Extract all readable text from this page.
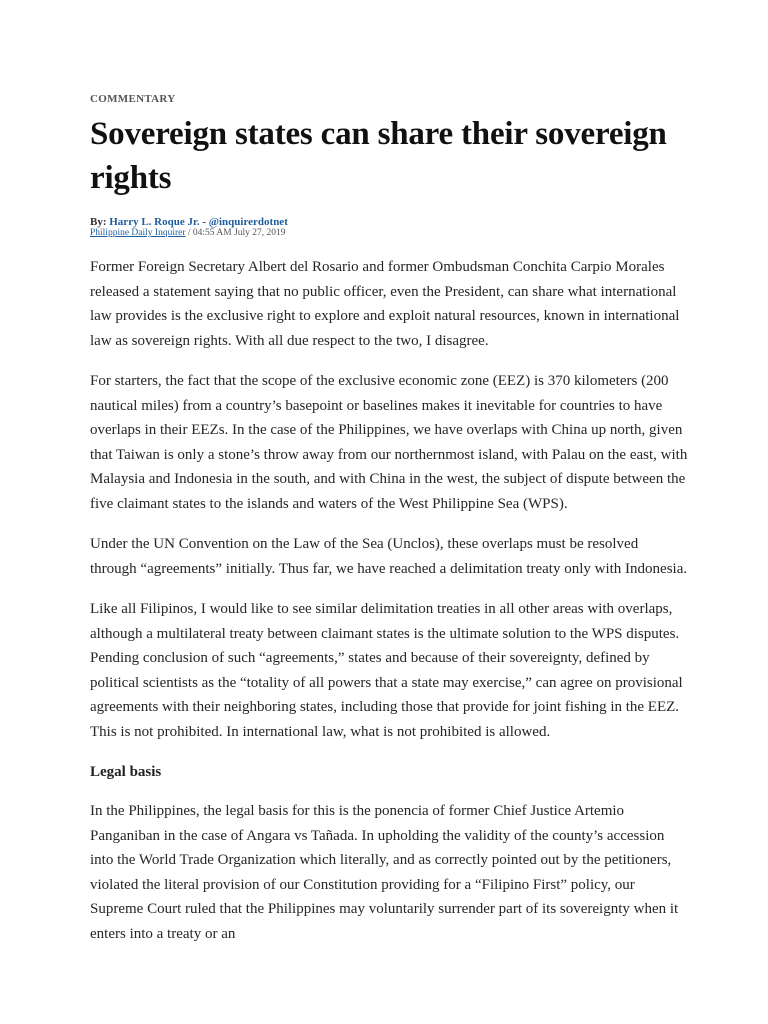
COMMENTARY

Sovereign states can share their sovereign rights
By: Harry L. Roque Jr. - @inquirerdotnet
Philippine Daily Inquirer / 04:55 AM July 27, 2019

Former Foreign Secretary Albert del Rosario and former Ombudsman Conchita Carpio Morales released a statement saying that no public officer, even the President, can share what international law provides is the exclusive right to explore and exploit natural resources, known in international law as sovereign rights. With all due respect to the two, I disagree.

For starters, the fact that the scope of the exclusive economic zone (EEZ) is 370 kilometers (200 nautical miles) from a country’s basepoint or baselines makes it inevitable for countries to have overlaps in their EEZs. In the case of the Philippines, we have overlaps with China up north, given that Taiwan is only a stone’s throw away from our northernmost island, with Palau on the east, with Malaysia and Indonesia in the south, and with China in the west, the subject of dispute between the five claimant states to the islands and waters of the West Philippine Sea (WPS).

Under the UN Convention on the Law of the Sea (Unclos), these overlaps must be resolved through “agreements” initially. Thus far, we have reached a delimitation treaty only with Indonesia.

Like all Filipinos, I would like to see similar delimitation treaties in all other areas with overlaps, although a multilateral treaty between claimant states is the ultimate solution to the WPS disputes. Pending conclusion of such “agreements,” states and because of their sovereignty, defined by political scientists as the “totality of all powers that a state may exercise,” can agree on provisional agreements with their neighboring states, including those that provide for joint fishing in the EEZ. This is not prohibited. In international law, what is not prohibited is allowed.

Legal basis

In the Philippines, the legal basis for this is the ponencia of former Chief Justice Artemio Panganiban in the case of Angara vs Tañada. In upholding the validity of the county’s accession into the World Trade Organization which literally, and as correctly pointed out by the petitioners, violated the literal provision of our Constitution providing for a “Filipino First” policy, our Supreme Court ruled that the Philippines may voluntarily surrender part of its sovereignty when it enters into a treaty or an
